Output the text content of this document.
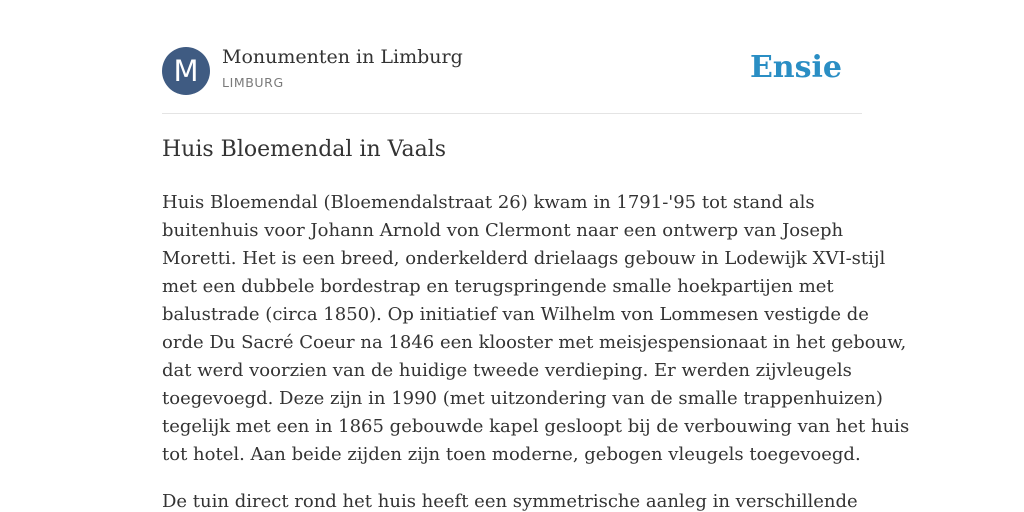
M	Monumenten in Limburg
LIMBURG	Ensie
Huis Bloemendal in Vaals
Huis Bloemendal (Bloemendalstraat 26) kwam in 1791-'95 tot stand als
buitenhuis voor Johann Arnold von Clermont naar een ontwerp van Joseph
Moretti. Het is een breed, onderkelderd drielaags gebouw in Lodewijk XVI-stijl
met een dubbele bordestrap en terugspringende smalle hoekpartijen met
balustrade (circa 1850). Op initiatief van Wilhelm von Lommesen vestigde de
orde Du Sacré Coeur na 1846 een klooster met meisjespensionaat in het gebouw,
dat werd voorzien van de huidige tweede verdieping. Er werden zijvleugels
toegevoegd. Deze zijn in 1990 (met uitzondering van de smalle trappenhuizen)
tegelijk met een in 1865 gebouwde kapel gesloopt bij de verbouwing van het huis
tot hotel. Aan beide zijden zijn toen moderne, gebogen vleugels toegevoegd.
De tuin direct rond het huis heeft een symmetrische aanleg in verschillende
